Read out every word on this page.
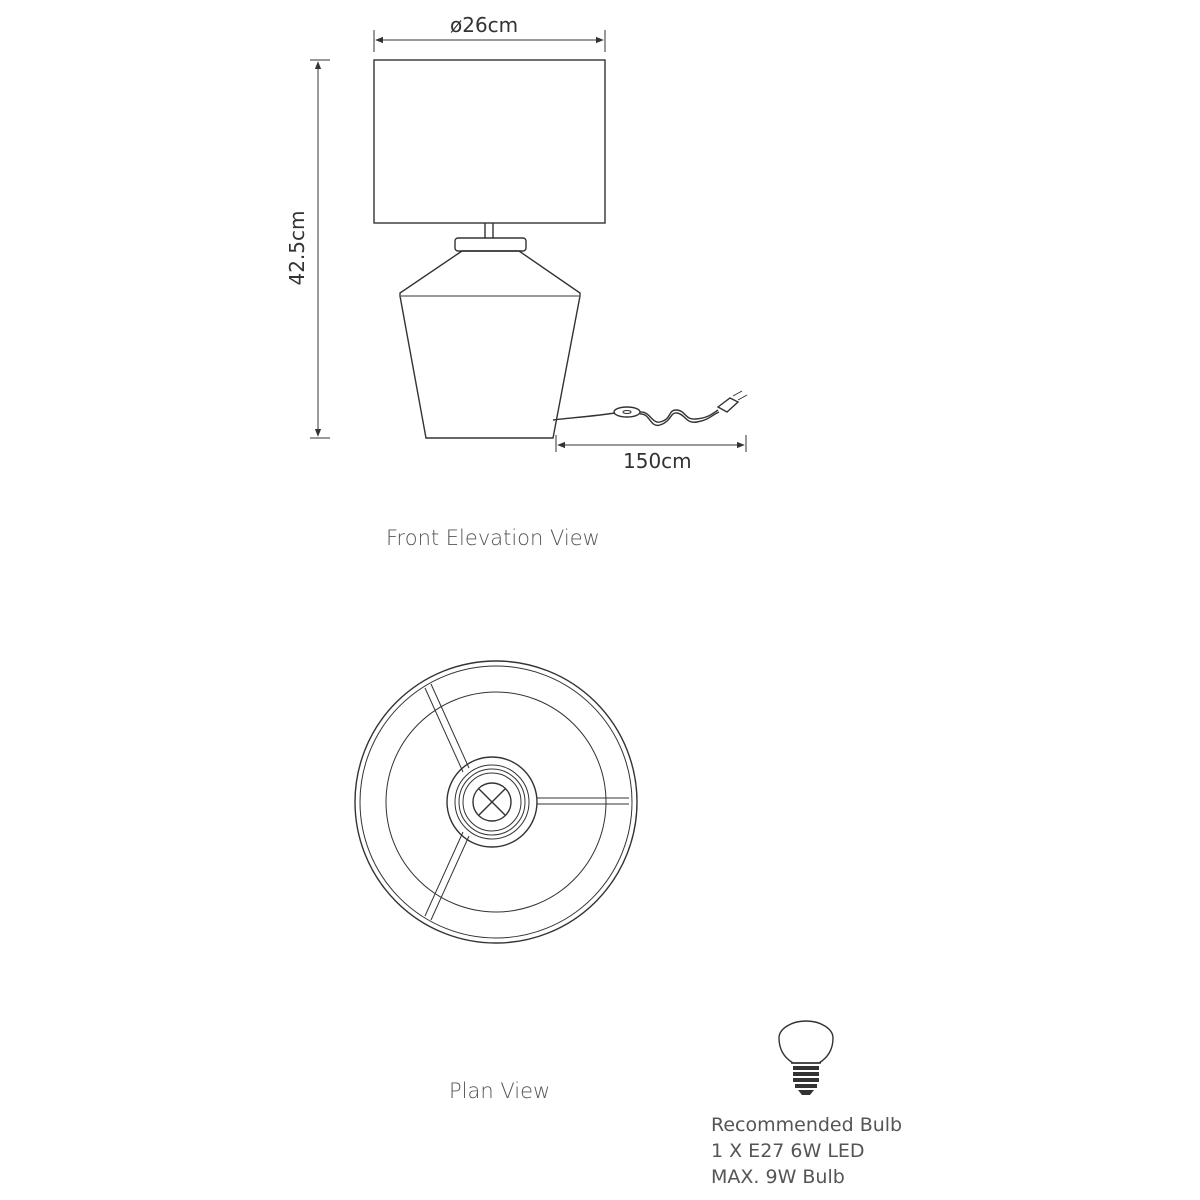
ø26cm
42.5cm
150cm
Front Elevation View
Plan View
Recommended Bulb
1 X E27 6W LED
MAX. 9W Bulb
